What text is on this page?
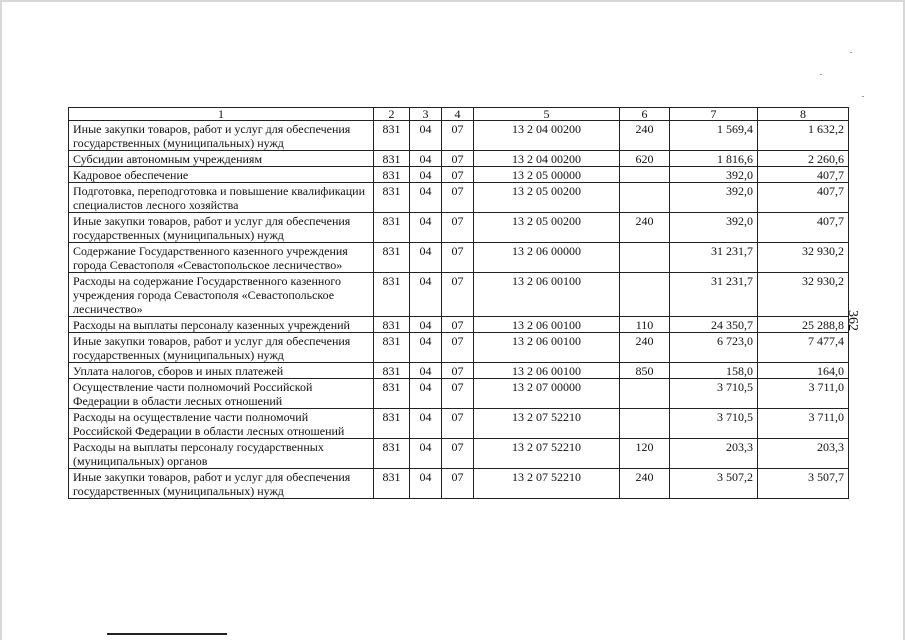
362
1	2	3	4	5	6	7	8
Иные закупки товаров, работ и услуг для обеспечения государственных (муниципальных) нужд	831	04	07	13 2 04 00200	240	1 569,4	1 632,2
Субсидии автономным учреждениям	831	04	07	13 2 04 00200	620	1 816,6	2 260,6
Кадровое обеспечение	831	04	07	13 2 05 00000		392,0	407,7
Подготовка, переподготовка и повышение квалификации специалистов лесного хозяйства	831	04	07	13 2 05 00200		392,0	407,7
Иные закупки товаров, работ и услуг для обеспечения государственных (муниципальных) нужд	831	04	07	13 2 05 00200	240	392,0	407,7
Содержание Государственного казенного учреждения города Севастополя «Севастопольское лесничество»	831	04	07	13 2 06 00000		31 231,7	32 930,2
Расходы на содержание Государственного казенного учреждения города Севастополя «Севастопольское лесничество»	831	04	07	13 2 06 00100		31 231,7	32 930,2
Расходы на выплаты персоналу казенных учреждений	831	04	07	13 2 06 00100	110	24 350,7	25 288,8
Иные закупки товаров, работ и услуг для обеспечения государственных (муниципальных) нужд	831	04	07	13 2 06 00100	240	6 723,0	7 477,4
Уплата налогов, сборов и иных платежей	831	04	07	13 2 06 00100	850	158,0	164,0
Осуществление части полномочий Российской Федерации в области лесных отношений	831	04	07	13 2 07 00000		3 710,5	3 711,0
Расходы на осуществление части полномочий Российской Федерации в области лесных отношений	831	04	07	13 2 07 52210		3 710,5	3 711,0
Расходы на выплаты персоналу государственных (муниципальных) органов	831	04	07	13 2 07 52210	120	203,3	203,3
Иные закупки товаров, работ и услуг для обеспечения государственных (муниципальных) нужд	831	04	07	13 2 07 52210	240	3 507,2	3 507,7
